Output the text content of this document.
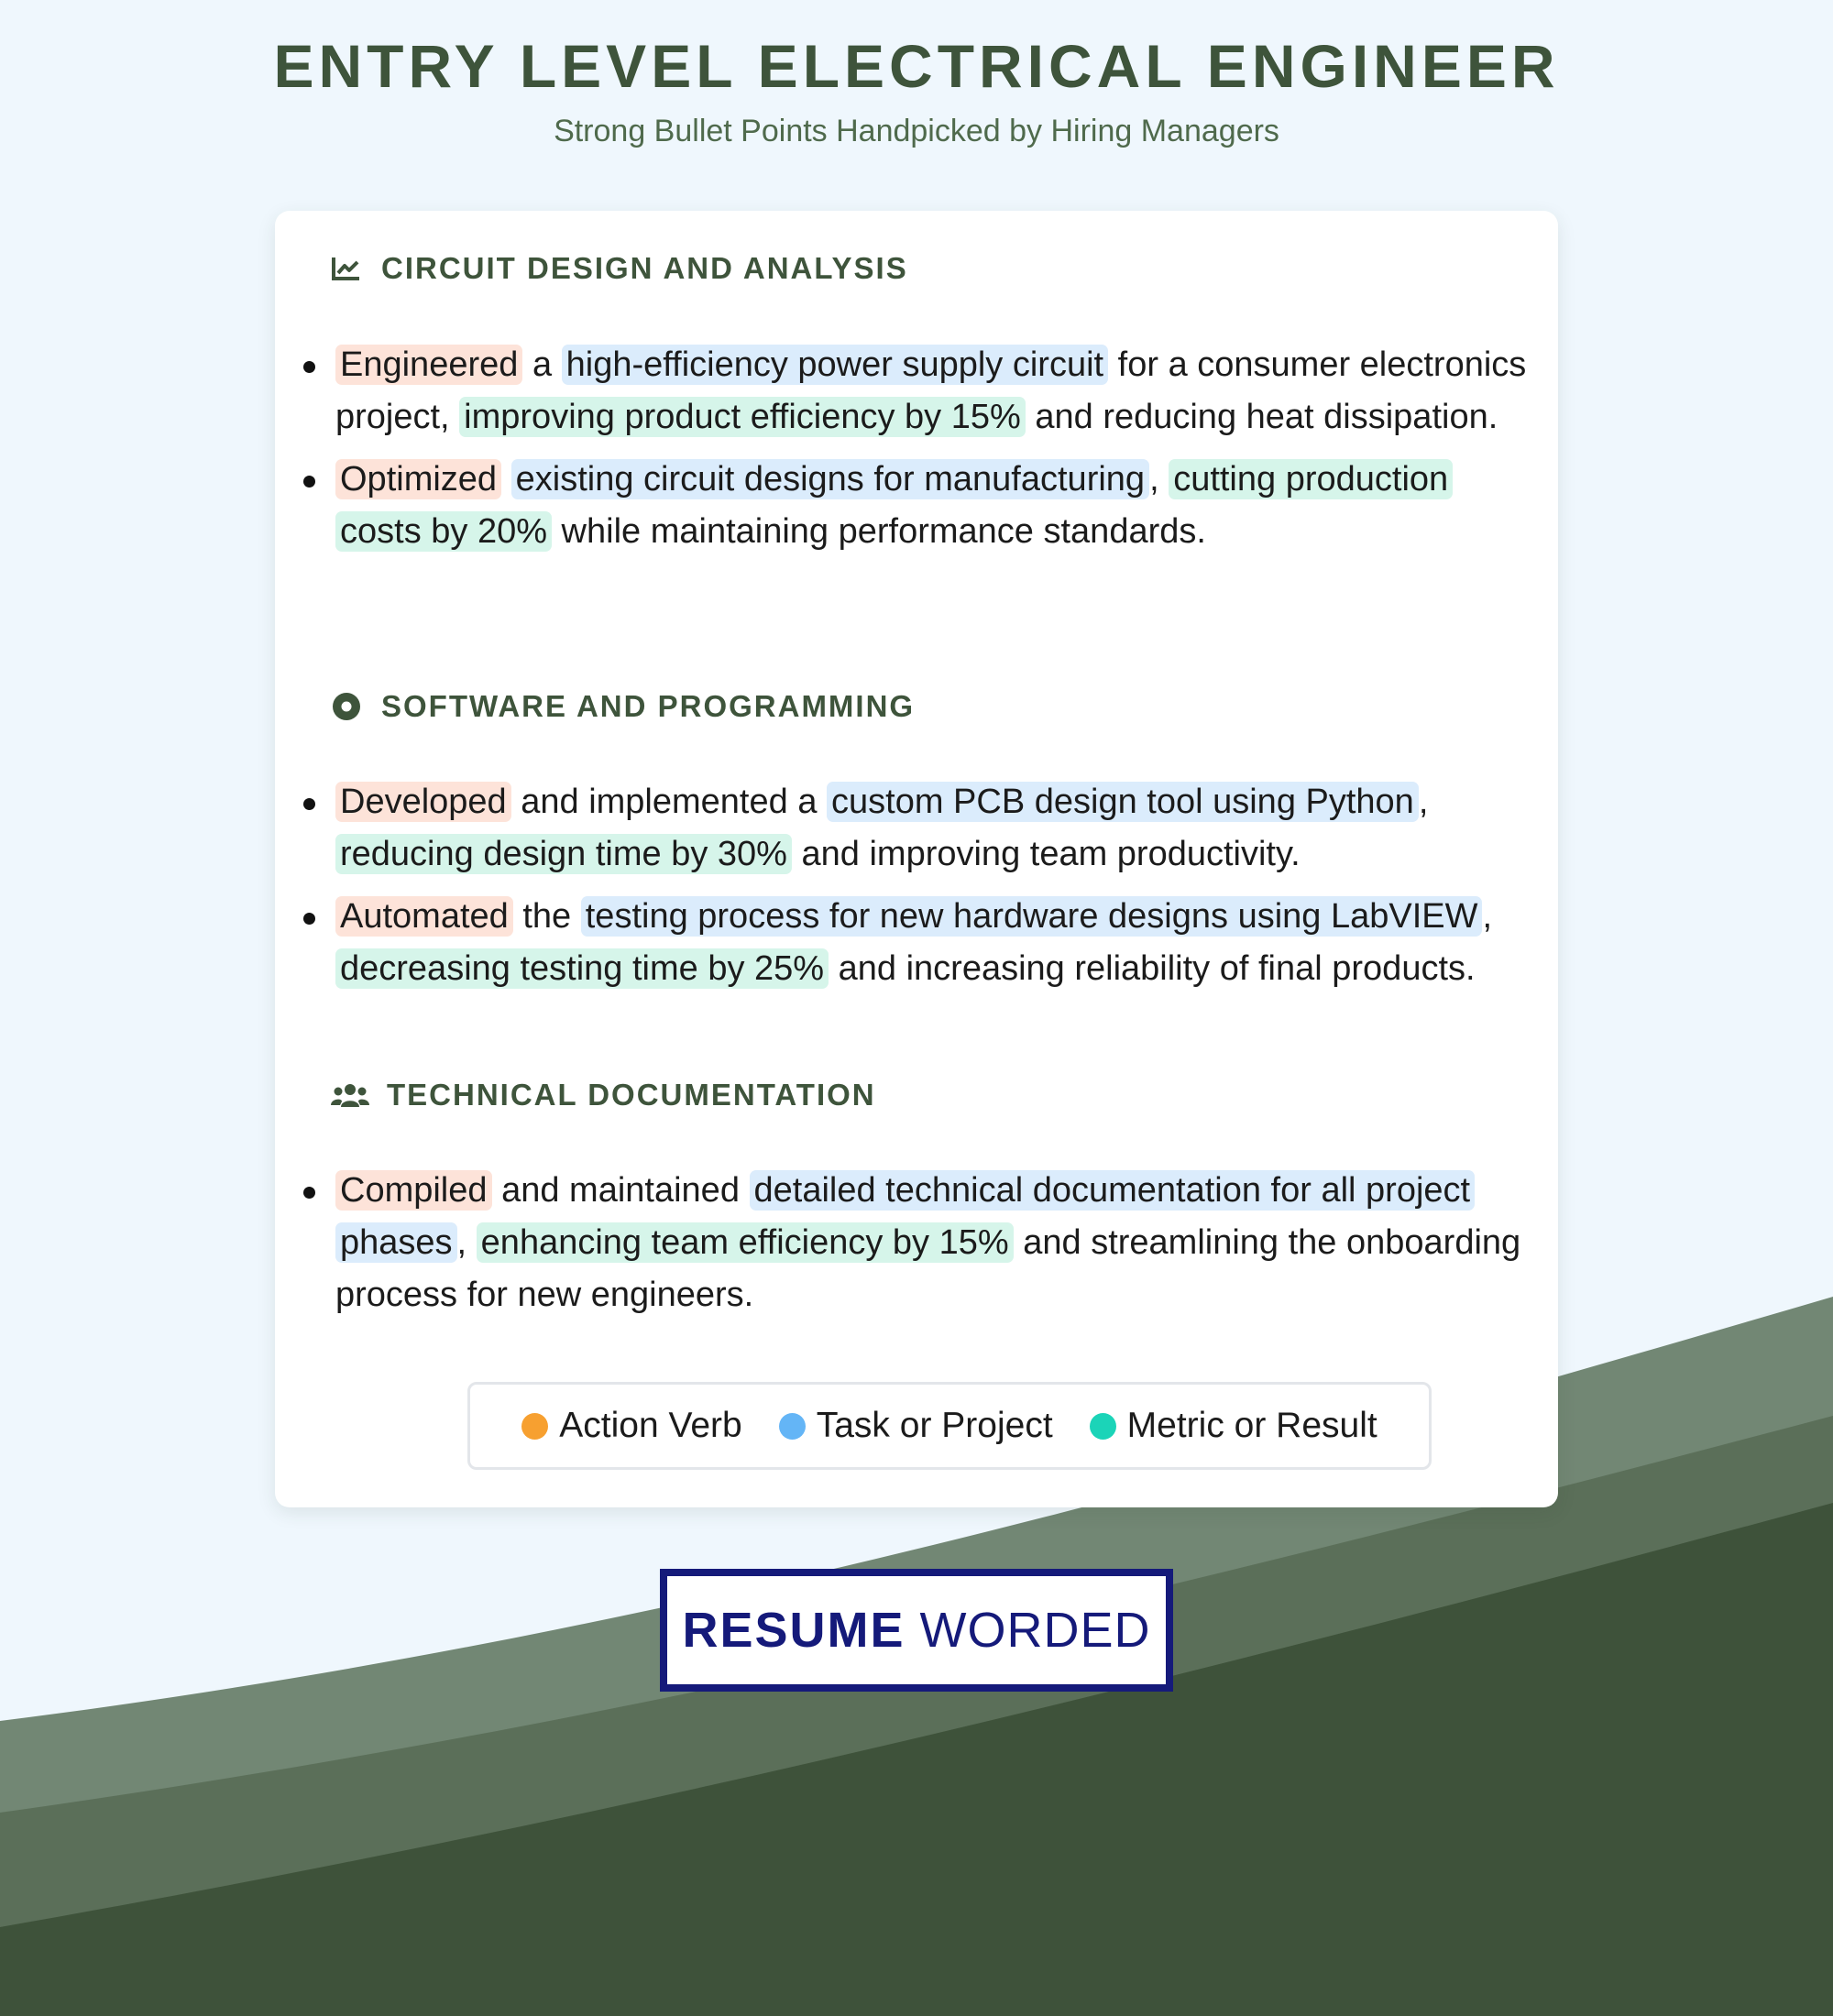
ENTRY LEVEL ELECTRICAL ENGINEER

Strong Bullet Points Handpicked by Hiring Managers

CIRCUIT DESIGN AND ANALYSIS
Engineered a high-efficiency power supply circuit for a consumer electronics project, improving product efficiency by 15% and reducing heat dissipation.
Optimized existing circuit designs for manufacturing , cutting production costs by 20% while maintaining performance standards.
SOFTWARE AND PROGRAMMING
Developed and implemented a custom PCB design tool using Python , reducing design time by 30% and improving team productivity.
Automated the testing process for new hardware designs using LabVIEW , decreasing testing time by 25% and increasing reliability of final products.
TECHNICAL DOCUMENTATION
Compiled and maintained detailed technical documentation for all project phases , enhancing team efficiency by 15% and streamlining the onboarding process for new engineers.
Action Verb Task or Project Metric or Result
RESUME WORDED
